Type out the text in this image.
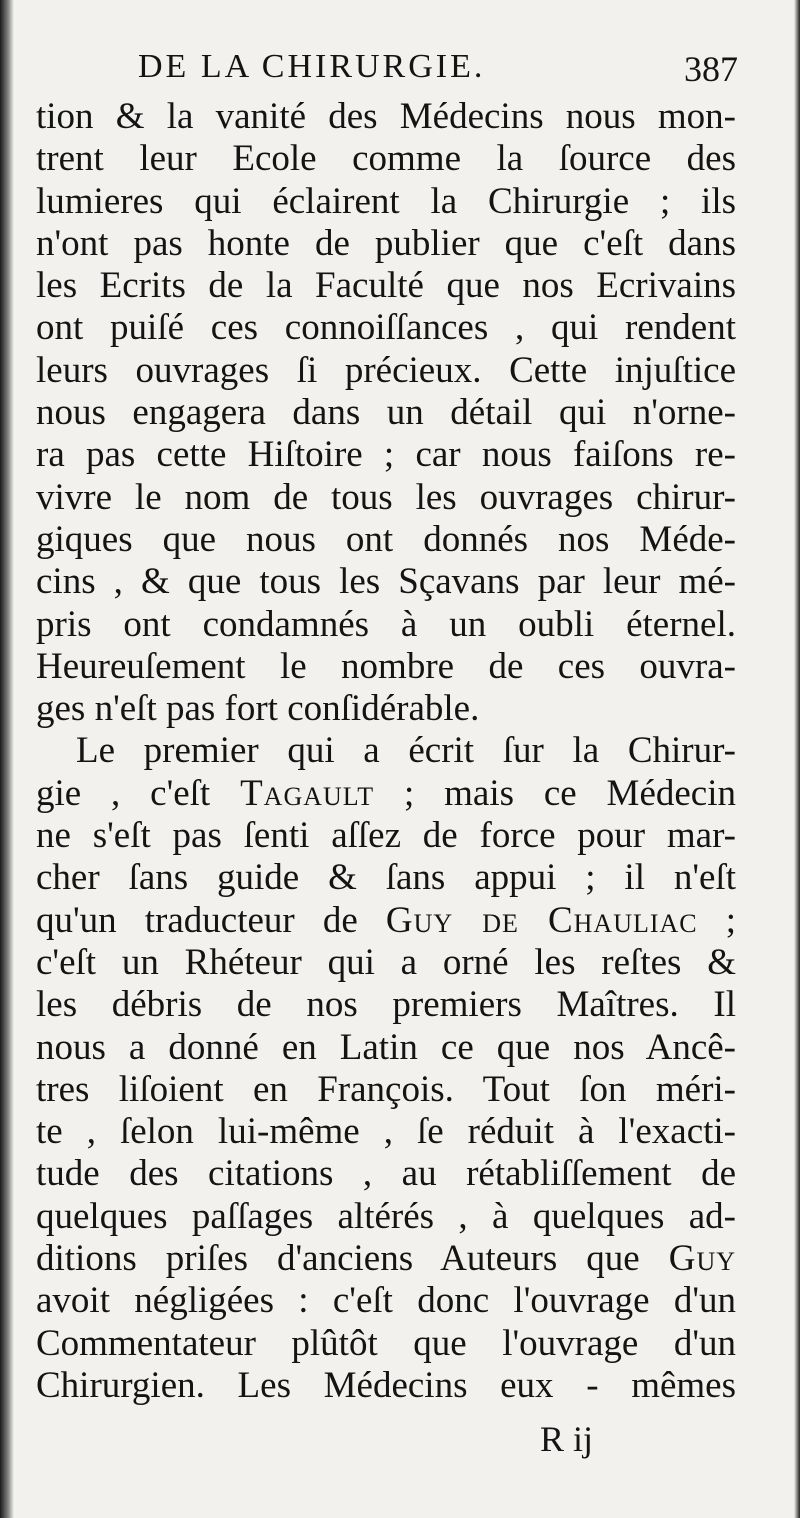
DE LA CHIRURGIE.	387
tion & la vanité des Médecins nous mon-
trent leur Ecole comme la ſource des
lumieres qui éclairent la Chirurgie ; ils
n'ont pas honte de publier que c'eſt dans
les Ecrits de la Faculté que nos Ecrivains
ont puiſé ces connoiſſances , qui rendent
leurs ouvrages ſi précieux. Cette injuſtice
nous engagera dans un détail qui n'orne-
ra pas cette Hiſtoire ; car nous faiſons re-
vivre le nom de tous les ouvrages chirur-
giques que nous ont donnés nos Méde-
cins , & que tous les Sçavans par leur mé-
pris ont condamnés à un oubli éternel.
Heureuſement le nombre de ces ouvra-
ges n'eſt pas fort conſidérable.
Le premier qui a écrit ſur la Chirur-
gie , c'eſt Tagault ; mais ce Médecin
ne s'eſt pas ſenti aſſez de force pour mar-
cher ſans guide & ſans appui ; il n'eſt
qu'un traducteur de Guy de Chauliac ;
c'eſt un Rhéteur qui a orné les reſtes &
les débris de nos premiers Maîtres. Il
nous a donné en Latin ce que nos Ancê-
tres liſoient en François. Tout ſon méri-
te , ſelon lui-même , ſe réduit à l'exacti-
tude des citations , au rétabliſſement de
quelques paſſages altérés , à quelques ad-
ditions priſes d'anciens Auteurs que Guy
avoit négligées : c'eſt donc l'ouvrage d'un
Commentateur plûtôt que l'ouvrage d'un
Chirurgien. Les Médecins eux - mêmes
R ij
